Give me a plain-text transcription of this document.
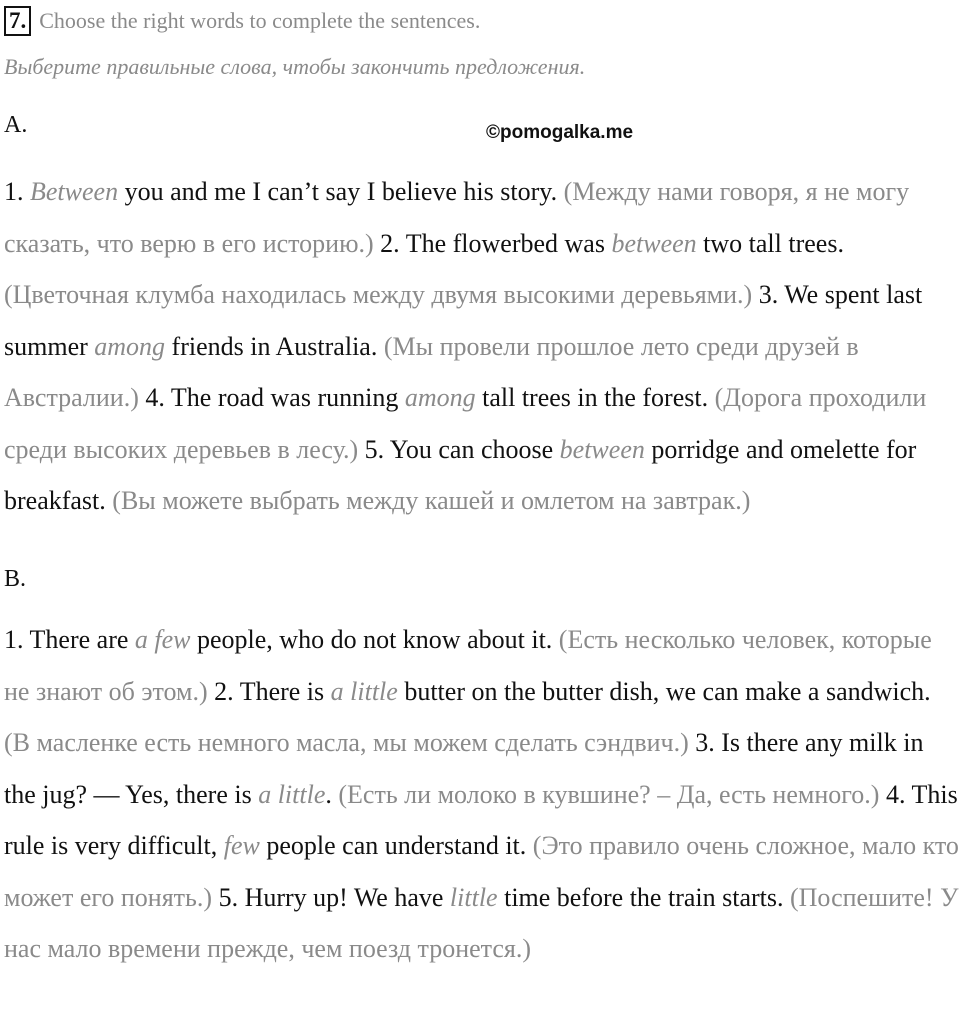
7. Choose the right words to complete the sentences.
Выберите правильные слова, чтобы закончить предложения.
A.	©pomogalka.me
1. Between you and me I can’t say I believe his story. (Между нами говоря, я не могу сказать, что верю в его историю.) 2. The flowerbed was between two tall trees. (Цветочная клумба находилась между двумя высокими деревьями.) 3. We spent last summer among friends in Australia. (Мы провели прошлое лето среди друзей в Австралии.) 4. The road was running among tall trees in the forest. (Дорога проходили среди высоких деревьев в лесу.) 5. You can choose between porridge and omelette for breakfast. (Вы можете выбрать между кашей и омлетом на завтрак.)
B.
1. There are a few people, who do not know about it. (Есть несколько человек, которые не знают об этом.) 2. There is a little butter on the butter dish, we can make a sandwich. (В масленке есть немного масла, мы можем сделать сэндвич.) 3. Is there any milk in the jug? — Yes, there is a little. (Есть ли молоко в кувшине? – Да, есть немного.) 4. This rule is very difficult, few people can understand it. (Это правило очень сложное, мало кто может его понять.) 5. Hurry up! We have little time before the train starts. (Поспешите! У нас мало времени прежде, чем поезд тронется.)
